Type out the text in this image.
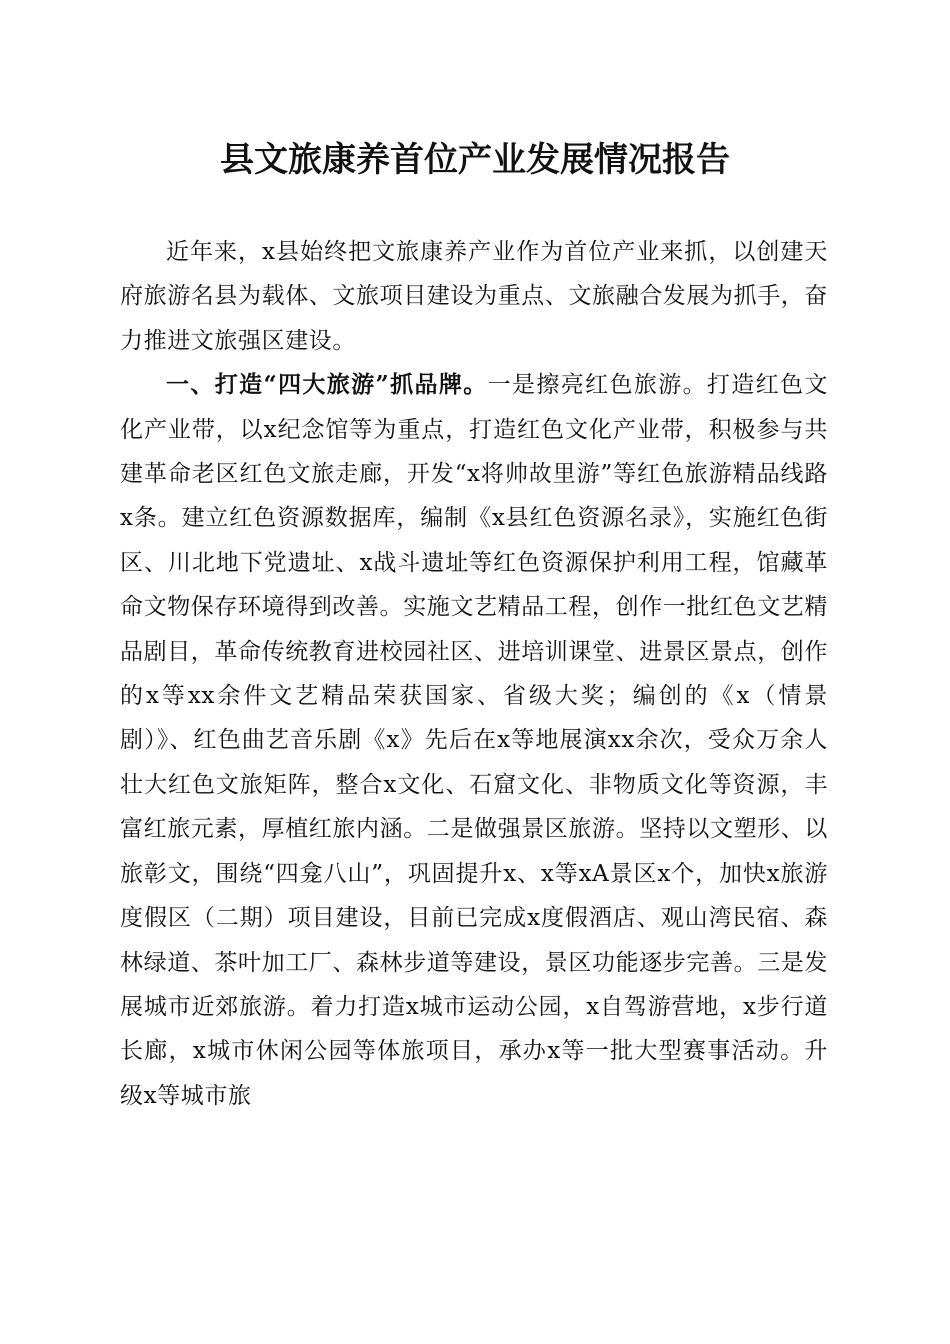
县文旅康养首位产业发展情况报告

近年来，x县始终把文旅康养产业作为首位产业来抓，以创建天府旅游名县为载体、文旅项目建设为重点、文旅融合发展为抓手，奋力推进文旅强区建设。

一、打造“四大旅游”抓品牌。一是擦亮红色旅游。打造红色文化产业带，以x纪念馆等为重点，打造红色文化产业带，积极参与共建革命老区红色文旅走廊，开发“x将帅故里游”等红色旅游精品线路x条。建立红色资源数据库，编制《x县红色资源名录》，实施红色街区、川北地下党遗址、x战斗遗址等红色资源保护利用工程，馆藏革命文物保存环境得到改善。实施文艺精品工程，创作一批红色文艺精品剧目，革命传统教育进校园社区、进培训课堂、进景区景点，创作的x等xx余件文艺精品荣获国家、省级大奖；编创的《x（情景剧）》、红色曲艺音乐剧《x》先后在x等地展演xx余次，受众万余人壮大红色文旅矩阵，整合x文化、石窟文化、非物质文化等资源，丰富红旅元素，厚植红旅内涵。二是做强景区旅游。坚持以文塑形、以旅彰文，围绕“四龛八山”，巩固提升x、x等xA景区x个，加快x旅游度假区（二期）项目建设，目前已完成x度假酒店、观山湾民宿、森林绿道、茶叶加工厂、森林步道等建设，景区功能逐步完善。三是发展城市近郊旅游。着力打造x城市运动公园，x自驾游营地，x步行道长廊，x城市休闲公园等体旅项目，承办x等一批大型赛事活动。升级x等城市旅
